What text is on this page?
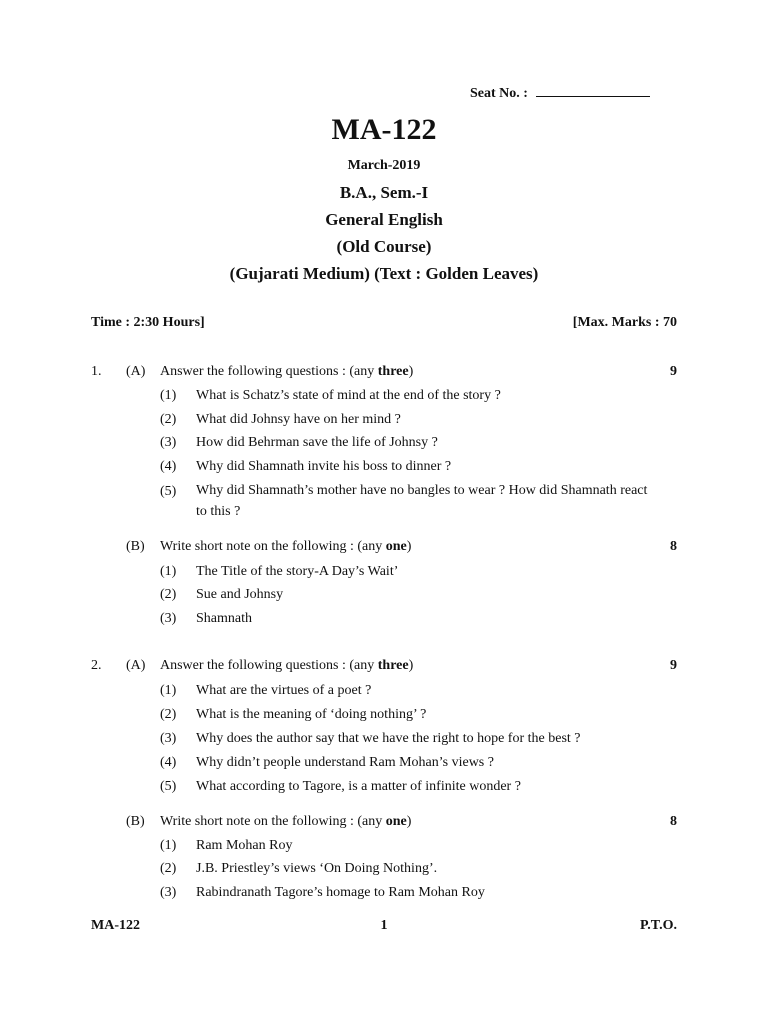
Seat No. :
MA-122
March-2019
B.A., Sem.-I
General English
(Old Course)
(Gujarati Medium) (Text : Golden Leaves)
Time : 2:30 Hours]	[Max. Marks : 70
1. (A) Answer the following questions : (any three)	9
(1) What is Schatz’s state of mind at the end of the story ?
(2) What did Johnsy have on her mind ?
(3) How did Behrman save the life of Johnsy ?
(4) Why did Shamnath invite his boss to dinner ?
(5) Why did Shamnath’s mother have no bangles to wear ? How did Shamnath react to this ?
(B) Write short note on the following : (any one)	8
(1) The Title of the story-A Day’s Wait’
(2) Sue and Johnsy
(3) Shamnath
2. (A) Answer the following questions : (any three)	9
(1) What are the virtues of a poet ?
(2) What is the meaning of ‘doing nothing’ ?
(3) Why does the author say that we have the right to hope for the best ?
(4) Why didn’t people understand Ram Mohan’s views ?
(5) What according to Tagore, is a matter of infinite wonder ?
(B) Write short note on the following : (any one)	8
(1) Ram Mohan Roy
(2) J.B. Priestley’s views ‘On Doing Nothing’.
(3) Rabindranath Tagore’s homage to Ram Mohan Roy
MA-122	1	P.T.O.
